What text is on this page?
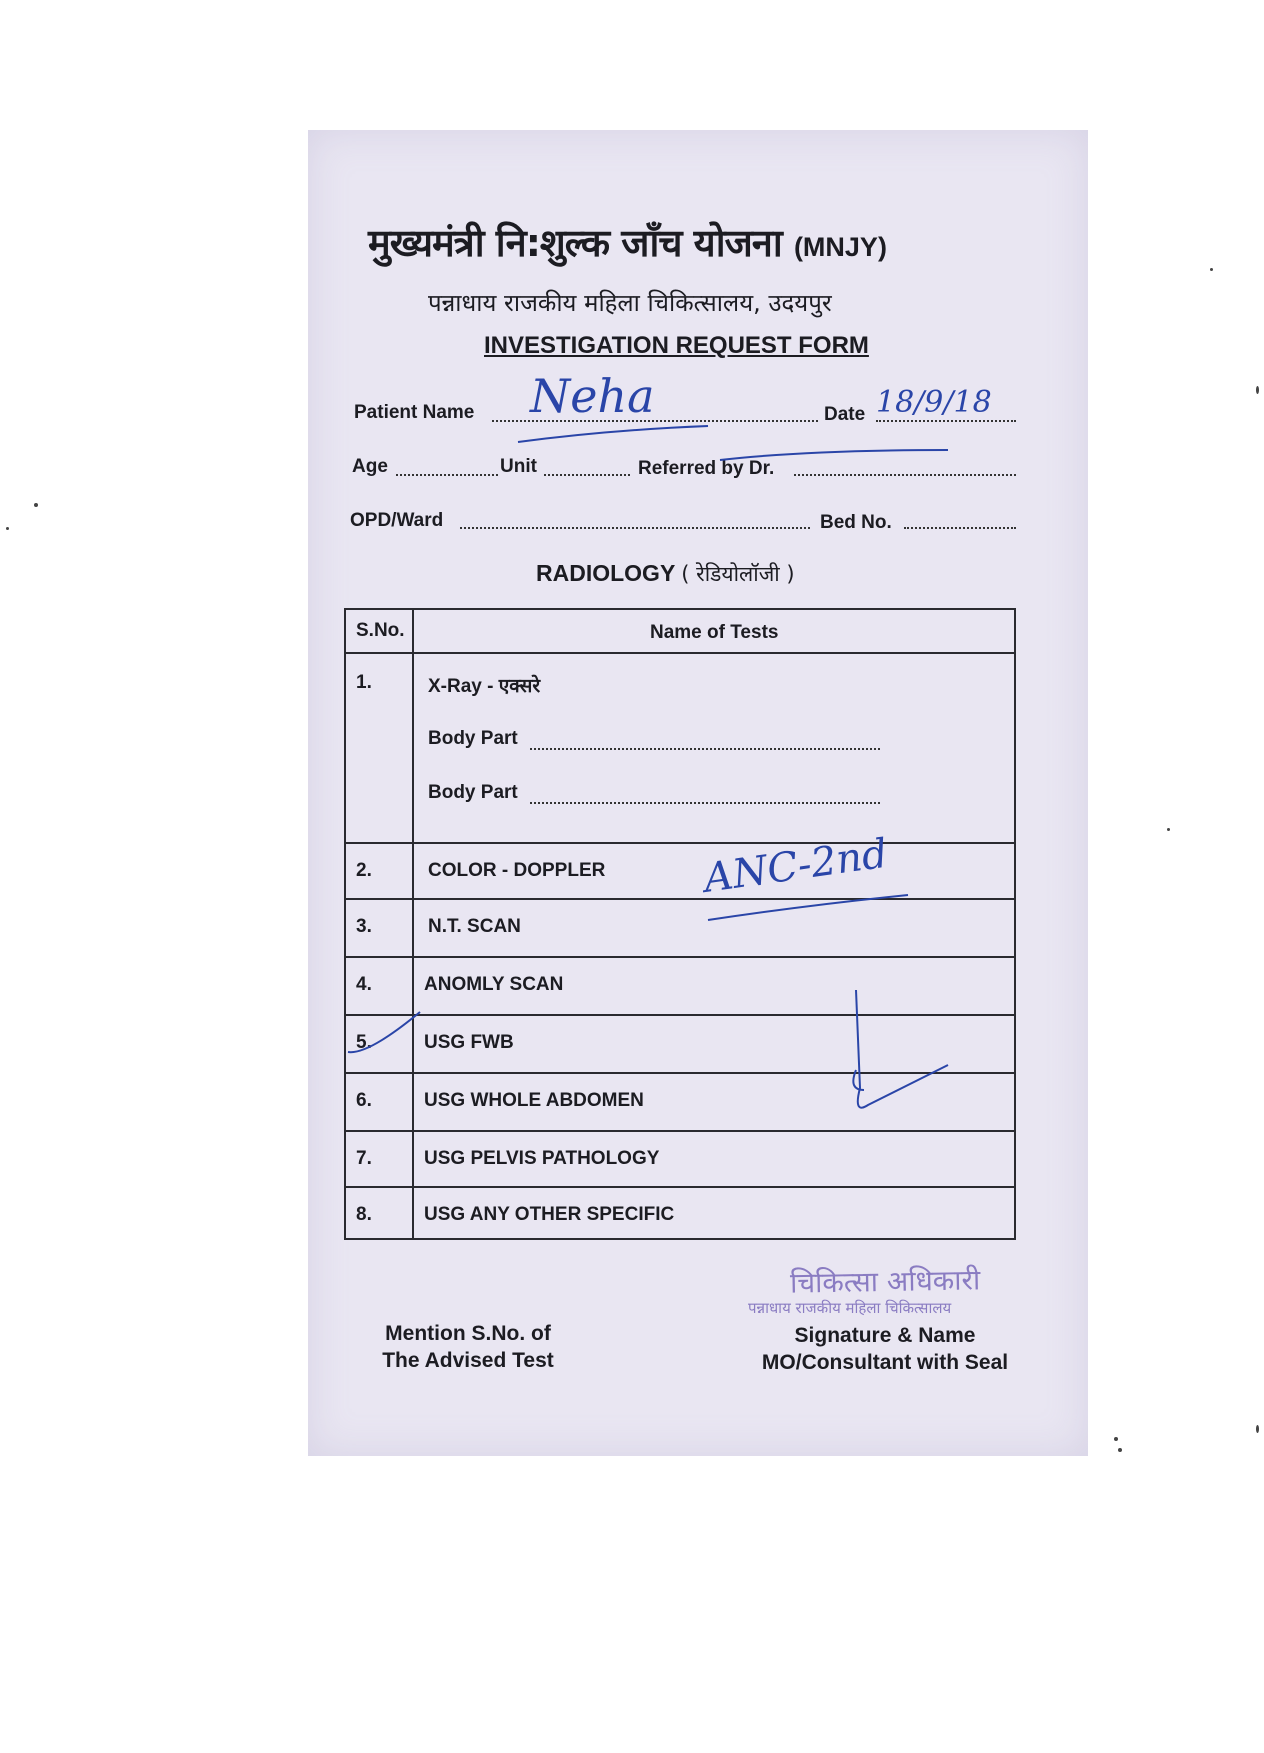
मुख्यमंत्री नि:शुल्क जाँच योजना (MNJY)
पन्नाधाय राजकीय महिला चिकित्सालय, उदयपुर
INVESTIGATION REQUEST FORM
Patient Name	Date
Age	Unit	Referred by Dr.
OPD/Ward	Bed No.
RADIOLOGY ( रेडियोलॉजी )
S.No.	Name of Tests
1.	X-Ray - एक्सरे
Body Part
Body Part
2.	COLOR - DOPPLER
3.	N.T. SCAN
4.	ANOMLY SCAN
5.	USG FWB
6.	USG WHOLE ABDOMEN
7.	USG PELVIS PATHOLOGY
8.	USG ANY OTHER SPECIFIC
Mention S.No. of
The Advised Test
Signature & Name
MO/Consultant with Seal
चिकित्सा अधिकारी
पन्नाधाय राजकीय महिला चिकित्सालय
Neha	18/9/18
ANC-2nd
